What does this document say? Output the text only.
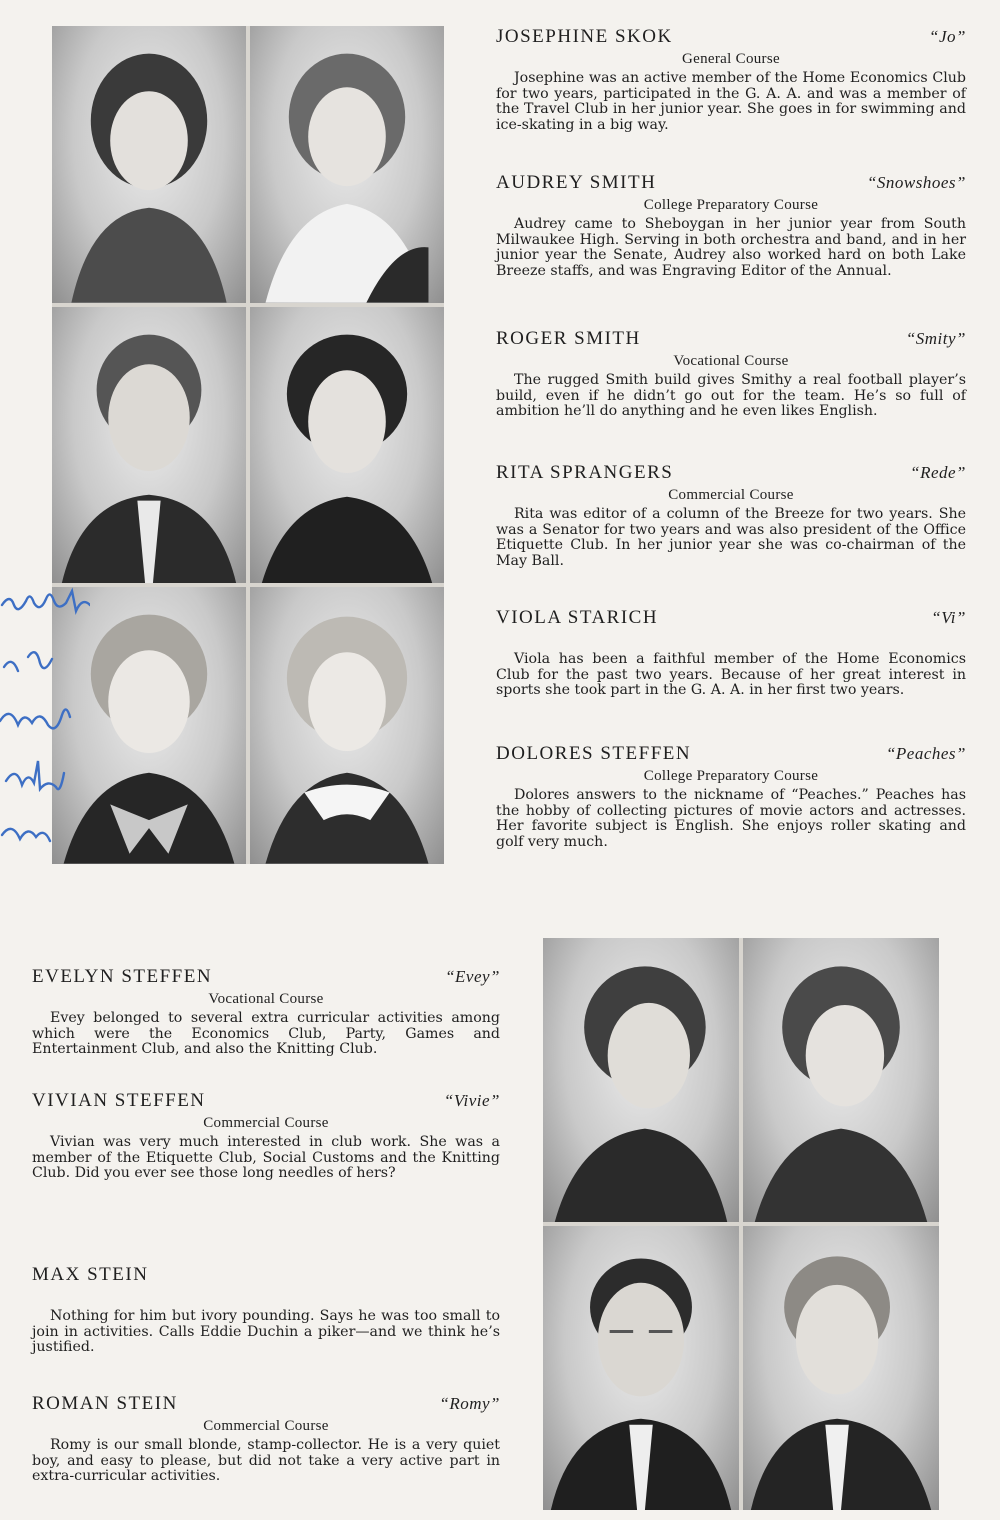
JOSEPHINE SKOK	“Jo”
General Course

Josephine was an active member of the Home Economics Club for two years, participated in the G. A. A. and was a member of the Travel Club in her junior year. She goes in for swimming and ice-skating in a big way.

AUDREY SMITH	“Snowshoes”
College Preparatory Course

Audrey came to Sheboygan in her junior year from South Milwaukee High. Serving in both orchestra and band, and in her junior year the Senate, Audrey also worked hard on both Lake Breeze staffs, and was Engraving Editor of the Annual.

ROGER SMITH	“Smity”
Vocational Course

The rugged Smith build gives Smithy a real football player’s build, even if he didn’t go out for the team. He’s so full of ambition he’ll do anything and he even likes English.

RITA SPRANGERS	“Rede”
Commercial Course

Rita was editor of a column of the Breeze for two years. She was a Senator for two years and was also president of the Office Etiquette Club. In her junior year she was co-chairman of the May Ball.

VIOLA STARICH	“Vi”

Viola has been a faithful member of the Home Economics Club for the past two years. Because of her great interest in sports she took part in the G. A. A. in her first two years.

DOLORES STEFFEN	“Peaches”
College Preparatory Course

Dolores answers to the nickname of “Peaches.” Peaches has the hobby of collecting pictures of movie actors and actresses. Her favorite subject is English. She enjoys roller skating and golf very much.

EVELYN STEFFEN	“Evey”
Vocational Course

Evey belonged to several extra curricular activities among which were the Economics Club, Party, Games and Entertainment Club, and also the Knitting Club.

VIVIAN STEFFEN	“Vivie”
Commercial Course

Vivian was very much interested in club work. She was a member of the Etiquette Club, Social Customs and the Knitting Club. Did you ever see those long needles of hers?

MAX STEIN

Nothing for him but ivory pounding. Says he was too small to join in activities. Calls Eddie Duchin a piker—and we think he’s justified.

ROMAN STEIN	“Romy”
Commercial Course

Romy is our small blonde, stamp-collector. He is a very quiet boy, and easy to please, but did not take a very active part in extra-curricular activities.
